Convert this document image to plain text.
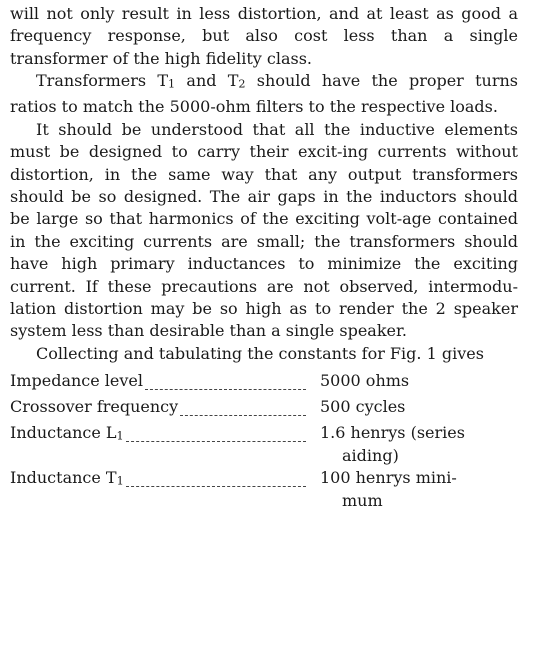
will not only result in less distortion, and at least as good a frequency response, but also cost less than a single transformer of the high fidelity class.

Transformers T1 and T2 should have the proper turns ratios to match the 5000-ohm filters to the respective loads.

It should be understood that all the inductive elements must be designed to carry their excit-ing currents without distortion, in the same way that any output transformers should be so designed. The air gaps in the inductors should be large so that harmonics of the exciting volt-age contained in the exciting currents are small; the transformers should have high primary inductances to minimize the exciting current. If these precautions are not observed, intermodu-lation distortion may be so high as to render the 2 speaker system less than desirable than a single speaker.

Collecting and tabulating the constants for Fig. 1 gives

Impedance level	5000 ohms
Crossover frequency	500 cycles
Inductance L1	1.6 henrys (series
aiding)
Inductance T1	100 henrys mini-
mum
